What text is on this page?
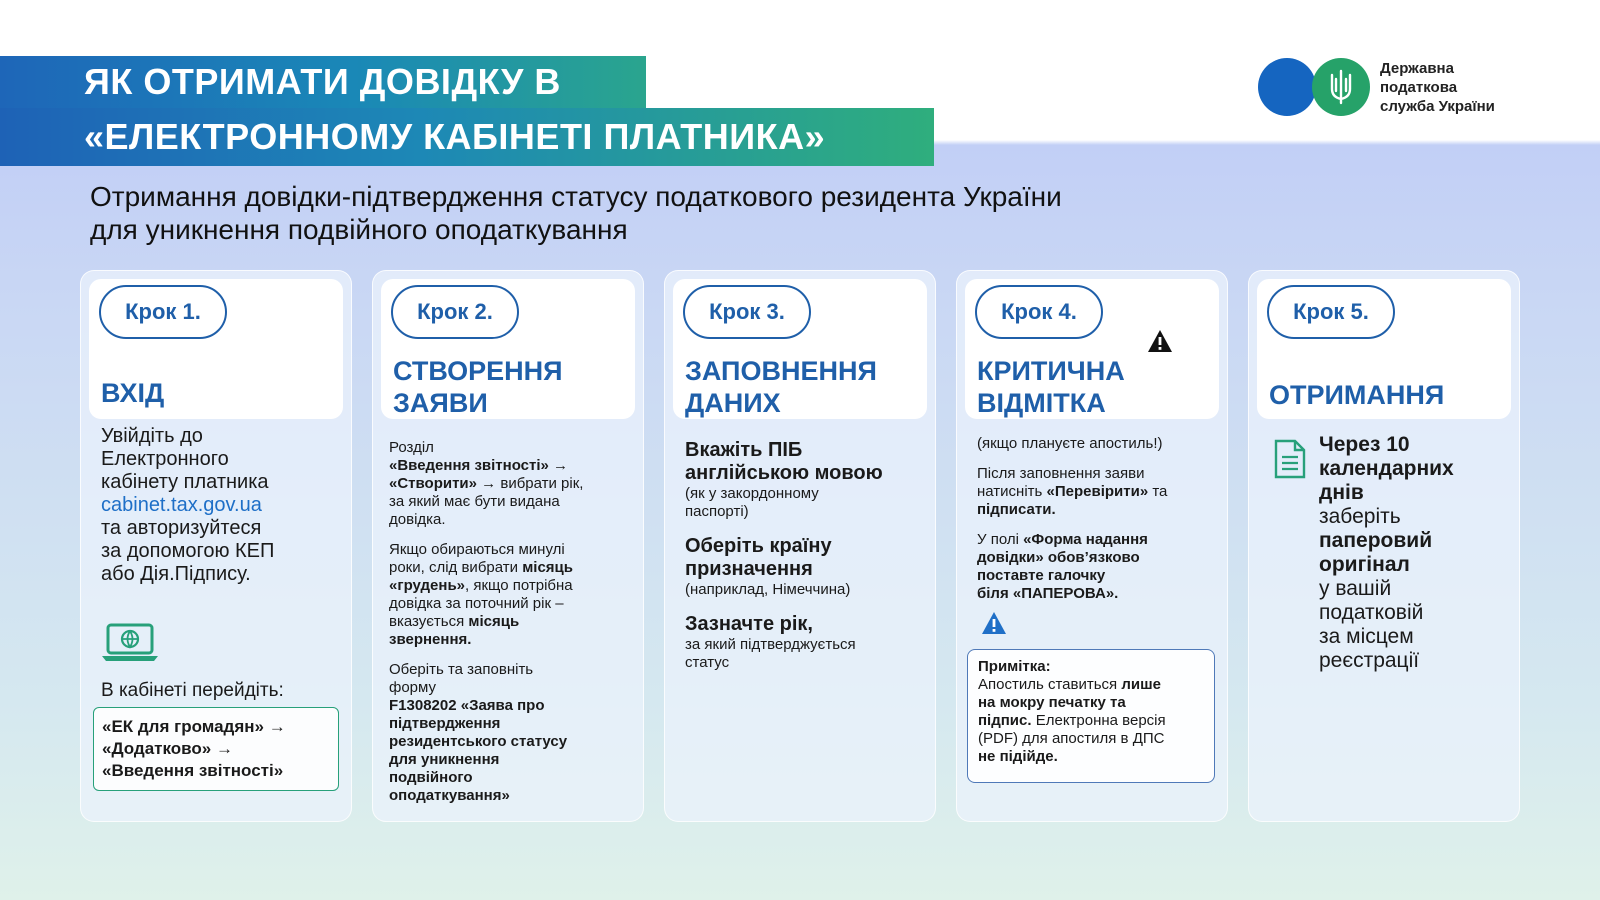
ЯК ОТРИМАТИ ДОВІДКУ В
«ЕЛЕКТРОННОМУ КАБІНЕТІ ПЛАТНИКА»
Державна
податкова
служба України
Отримання довідки-підтвердження статусу податкового резидента України
для уникнення подвійного оподаткування
Крок 1.
ВХІД
Увійдіть до
Електронного
кабінету платника
cabinet.tax.gov.ua
та авторизуйтеся
за допомогою КЕП
або Дія.Підпису.
В кабінеті перейдіть:
«ЕК для громадян» →
«Додатково» →
«Введення звітності»
Крок 2.
СТВОРЕННЯ
ЗАЯВИ
Розділ
«Введення звітності» →
«Створити» → вибрати рік,
за який має бути видана
довідка.
Якщо обираються минулі
роки, слід вибрати місяць
«грудень», якщо потрібна
довідка за поточний рік –
вказується місяць
звернення.
Оберіть та заповніть
форму
F1308202 «Заява про
підтвердження
резидентського статусу
для уникнення
подвійного
оподаткування»
Крок 3.
ЗАПОВНЕННЯ
ДАНИХ
Вкажіть ПІБ
англійською мовою
(як у закордонному
паспорті)
Оберіть країну
призначення
(наприклад, Німеччина)
Зазначте рік,
за який підтверджується
статус
Крок 4.
КРИТИЧНА
ВІДМІТКА
(якщо плануєте апостиль!)
Після заповнення заяви
натисніть «Перевірити» та
підписати.
У полі «Форма надання
довідки» обов’язково
поставте галочку
біля «ПАПЕРОВА».
Примітка:
Апостиль ставиться лише
на мокру печатку та
підпис. Електронна версія
(PDF) для апостиля в ДПС
не підійде.
Крок 5.
ОТРИМАННЯ
Через 10
календарних
днів
заберіть
паперовий
оригінал
у вашій
податковій
за місцем
реєстрації
